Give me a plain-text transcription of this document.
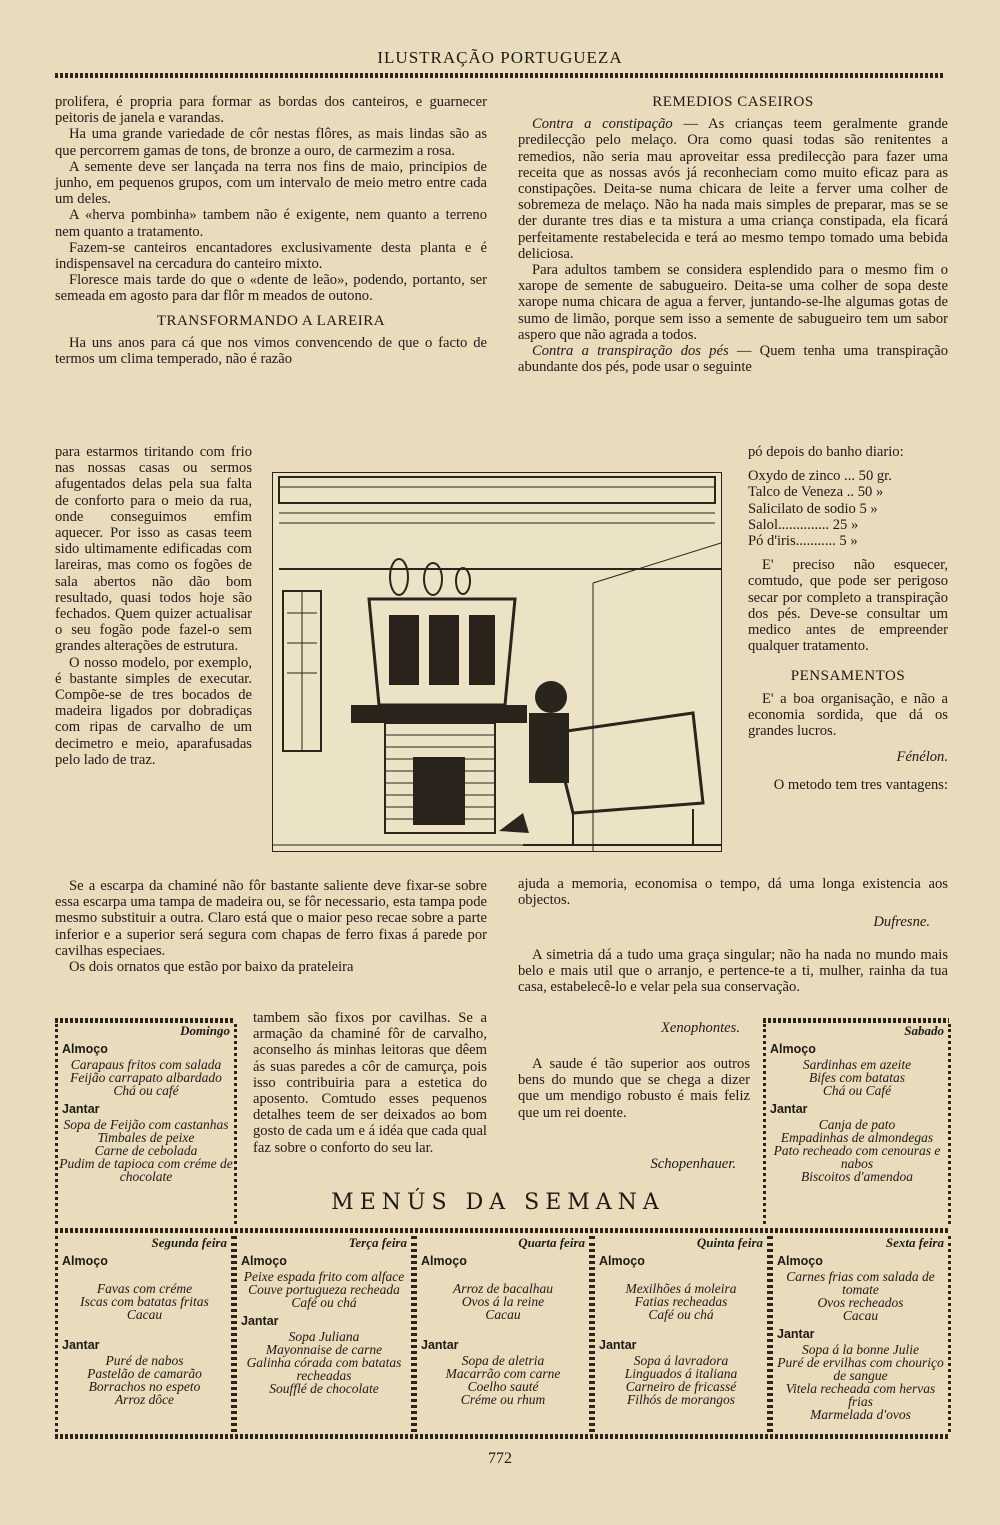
ILUSTRAÇÃO PORTUGUEZA

prolifera, é propria para formar as bordas dos canteiros, e guarnecer peitoris de janela e varandas.

Ha uma grande variedade de côr nestas flôres, as mais lindas são as que percorrem gamas de tons, de bronze a ouro, de carmezim a rosa.

A semente deve ser lançada na terra nos fins de maio, principios de junho, em pequenos grupos, com um intervalo de meio metro entre cada um deles.

A «herva pombinha» tambem não é exigente, nem quanto a terreno nem quanto a tratamento.

Fazem-se canteiros encantadores exclusivamente desta planta e é indispensavel na cercadura do canteiro mixto.

Floresce mais tarde do que o «dente de leão», podendo, portanto, ser semeada em agosto para dar flôr m meados de outono.

TRANSFORMANDO A LAREIRA

Ha uns anos para cá que nos vimos convencendo de que o facto de termos um clima temperado, não é razão

para estarmos tiritando com frio nas nossas casas ou sermos afugentados delas pela sua falta de conforto para o meio da rua, onde conseguimos emfim aquecer. Por isso as casas teem sido ultimamente edificadas com lareiras, mas como os fogões de sala abertos não dão bom resultado, quasi todos hoje são fechados. Quem quizer actualisar o seu fogão pode fazel-o sem grandes alterações de estrutura.

O nosso modelo, por exemplo, é bastante simples de executar. Compõe-se de tres bocados de madeira ligados por dobradiças com ripas de carvalho de um decimetro e meio, aparafusadas pelo lado de traz.

Se a escarpa da chaminé não fôr bastante saliente deve fixar-se sobre essa escarpa uma tampa de madeira ou, se fôr necessario, esta tampa pode mesmo substituir a outra. Claro está que o maior peso recae sobre a parte inferior e a superior será segura com chapas de ferro fixas á parede por cavilhas especiaes.

Os dois ornatos que estão por baixo da prateleira

tambem são fixos por cavilhas. Se a armação da chaminé fôr de carvalho, aconselho ás minhas leitoras que dêem ás suas paredes a côr de camurça, pois isso contribuiria para a estetica do aposento. Comtudo esses pequenos detalhes teem de ser deixados ao bom gosto de cada um e á idéa que cada qual faz sobre o conforto do seu lar.

REMEDIOS CASEIROS

Contra a constipação — As crianças teem geralmente grande predilecção pelo melaço. Ora como quasi todas são renitentes a remedios, não seria mau aproveitar essa predilecção para fazer uma receita que as nossas avós já reconheciam como muito eficaz para as constipações. Deita-se numa chicara de leite a ferver uma colher de sobremeza de melaço. Não ha nada mais simples de preparar, mas se se der durante tres dias e ta mistura a uma criança constipada, ela ficará perfeitamente restabelecida e terá ao mesmo tempo tomado uma bebida deliciosa.

Para adultos tambem se considera esplendido para o mesmo fim o xarope de semente de sabugueiro. Deita-se uma colher de sopa deste xarope numa chicara de agua a ferver, juntando-se-lhe algumas gotas de sumo de limão, porque sem isso a semente de sabugueiro tem um sabor aspero que não agrada a todos.

Contra a transpiração dos pés — Quem tenha uma transpiração abundante dos pés, pode usar o seguinte

pó depois do banho diario:

Oxydo de zinco ... 50 gr.
Talco de Veneza .. 50 »
Salicilato de sodio 5 »
Salol.............. 25 »
Pó d'iris........... 5 »

E' preciso não esquecer, comtudo, que pode ser perigoso secar por completo a transpiração dos pés. Deve-se consultar um medico antes de empreender qualquer tratamento.

PENSAMENTOS

E' a boa organisação, e não a economia sordida, que dá os grandes lucros.

Fénélon.

O metodo tem tres vantagens:

ajuda a memoria, economisa o tempo, dá uma longa existencia aos objectos.

Dufresne.

A simetria dá a tudo uma graça singular; não ha nada no mundo mais belo e mais util que o arranjo, e pertence-te a ti, mulher, rainha da tua casa, estabelecê-lo e velar pela sua conservação.

Xenophontes.

A saude é tão superior aos outros bens do mundo que se chega a dizer que um mendigo robusto é mais feliz que um rei doente.

Schopenhauer.
Domingo
Almoço
Carapaus fritos com salada
Feijão carrapato albardado
Chá ou café
Jantar
Sopa de Feijão com castanhas
Timbales de peixe
Carne de cebolada
Pudim de tapioca com créme de chocolate
Sabado
Almoço
Sardinhas em azeite
Bifes com batatas
Chá ou Café
Jantar
Canja de pato
Empadinhas de almondegas
Pato recheado com cenouras e nabos
Biscoitos d'amendoa
MENÚS DA SEMANA
Segunda feira
Almoço
Favas com créme
Iscas com batatas fritas
Cacau
Jantar
Puré de nabos
Pastelão de camarão
Borrachos no espeto
Arroz dôce
Terça feira
Almoço
Peixe espada frito com alface
Couve portugueza recheada
Café ou chá
Jantar
Sopa Juliana
Mayonnaise de carne
Galinha córada com batatas recheadas
Soufflé de chocolate
Quarta feira
Almoço
Arroz de bacalhau
Ovos á la reine
Cacau
Jantar
Sopa de aletria
Macarrão com carne
Coelho sauté
Créme ou rhum
Quinta feira
Almoço
Mexilhões á moleira
Fatias recheadas
Café ou chá
Jantar
Sopa á lavradora
Linguados á italiana
Carneiro de fricassé
Filhós de morangos
Sexta feira
Almoço
Carnes frias com salada de tomate
Ovos recheados
Cacau
Jantar
Sopa á la bonne Julie
Puré de ervilhas com chouriço de sangue
Vitela recheada com hervas frias
Marmelada d'ovos
772
